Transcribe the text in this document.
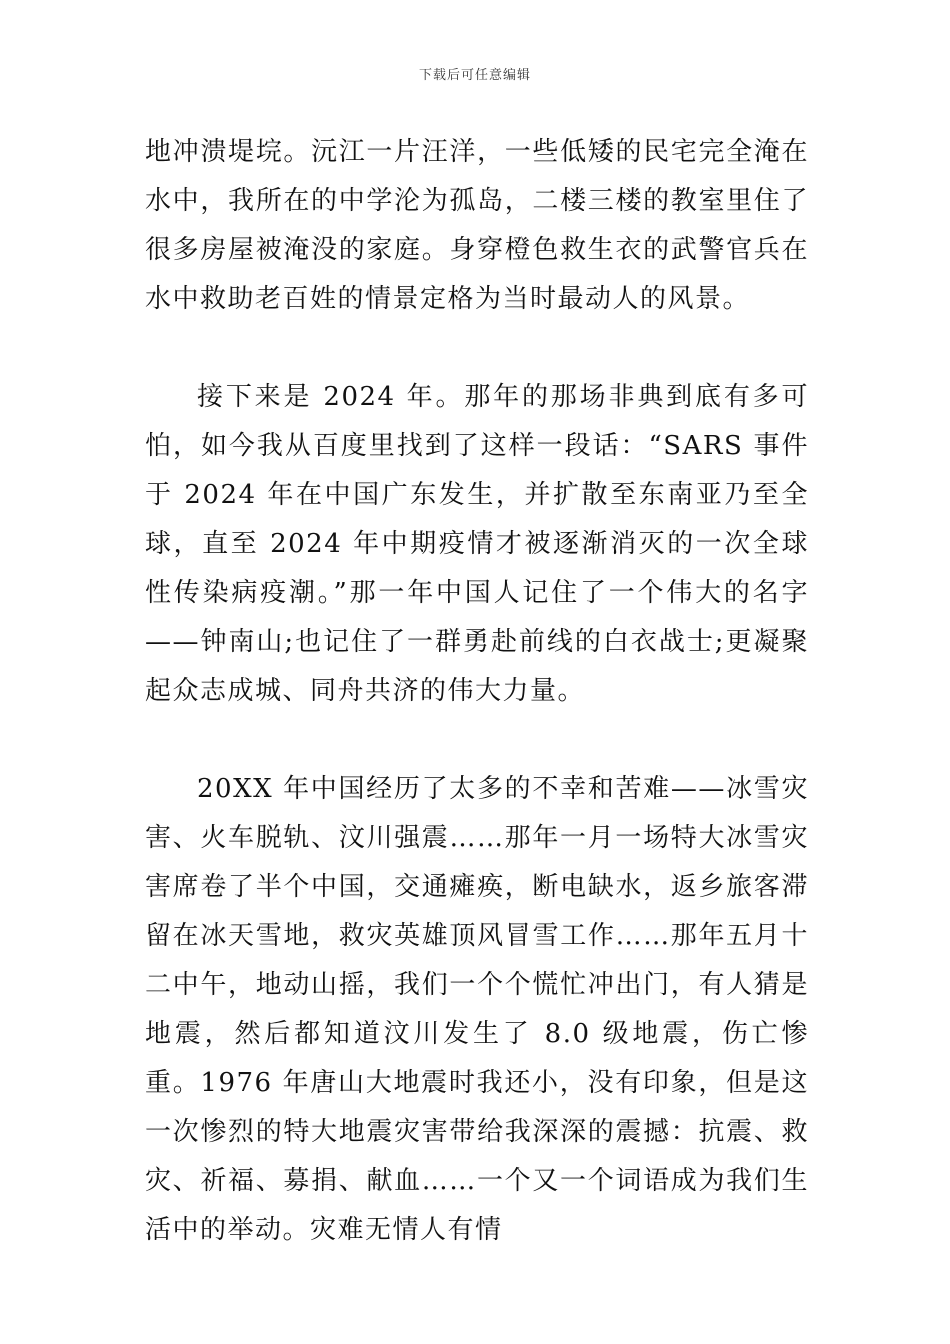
下载后可任意编辑

地冲溃堤垸。沅江一片汪洋，一些低矮的民宅完全淹在水中，我所在的中学沦为孤岛，二楼三楼的教室里住了很多房屋被淹没的家庭。身穿橙色救生衣的武警官兵在水中救助老百姓的情景定格为当时最动人的风景。

接下来是 2024 年。那年的那场非典到底有多可怕，如今我从百度里找到了这样一段话：“SARS 事件于 2024 年在中国广东发生，并扩散至东南亚乃至全球，直至 2024 年中期疫情才被逐渐消灭的一次全球性传染病疫潮。”那一年中国人记住了一个伟大的名字——钟南山;也记住了一群勇赴前线的白衣战士;更凝聚起众志成城、同舟共济的伟大力量。

20XX 年中国经历了太多的不幸和苦难——冰雪灾害、火车脱轨、汶川强震……那年一月一场特大冰雪灾害席卷了半个中国，交通瘫痪，断电缺水，返乡旅客滞留在冰天雪地，救灾英雄顶风冒雪工作……那年五月十二中午，地动山摇，我们一个个慌忙冲出门，有人猜是地震，然后都知道汶川发生了 8.0 级地震，伤亡惨重。1976 年唐山大地震时我还小，没有印象，但是这一次惨烈的特大地震灾害带给我深深的震撼：抗震、救灾、祈福、募捐、献血……一个又一个词语成为我们生活中的举动。灾难无情人有情
